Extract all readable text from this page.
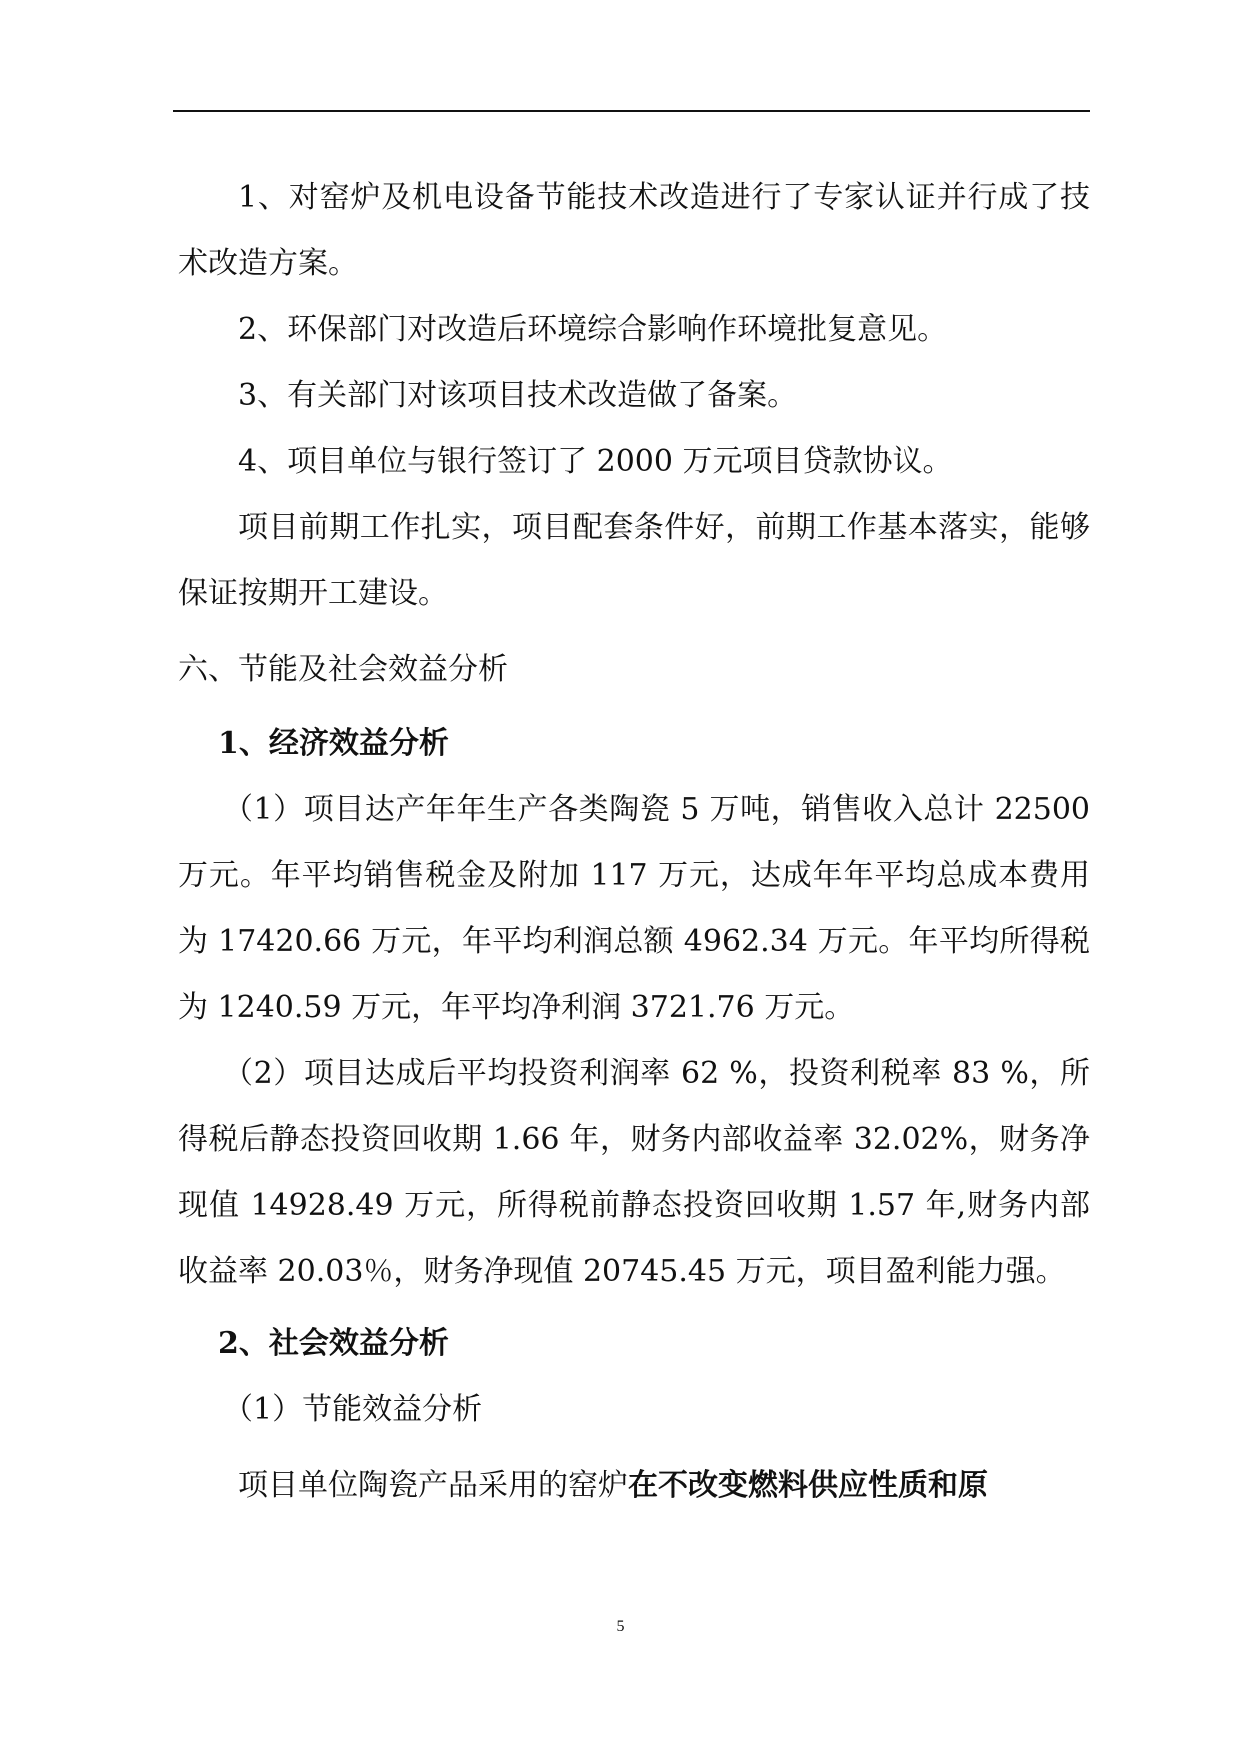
1、对窑炉及机电设备节能技术改造进行了专家认证并行成了技术改造方案。

2、环保部门对改造后环境综合影响作环境批复意见。

3、有关部门对该项目技术改造做了备案。

4、项目单位与银行签订了 2000 万元项目贷款协议。

项目前期工作扎实，项目配套条件好，前期工作基本落实，能够保证按期开工建设。

六、节能及社会效益分析

1、经济效益分析

（1）项目达产年年生产各类陶瓷 5 万吨，销售收入总计 22500 万元。年平均销售税金及附加 117 万元，达成年年平均总成本费用为 17420.66 万元，年平均利润总额 4962.34 万元。年平均所得税为 1240.59 万元，年平均净利润 3721.76 万元。

（2）项目达成后平均投资利润率 62 %，投资利税率 83 %，所得税后静态投资回收期 1.66 年，财务内部收益率 32.02%，财务净现值 14928.49 万元，所得税前静态投资回收期 1.57 年,财务内部收益率 20.03％，财务净现值 20745.45 万元，项目盈利能力强。

2、社会效益分析

（1）节能效益分析

项目单位陶瓷产品采用的窑炉在不改变燃料供应性质和原

5
